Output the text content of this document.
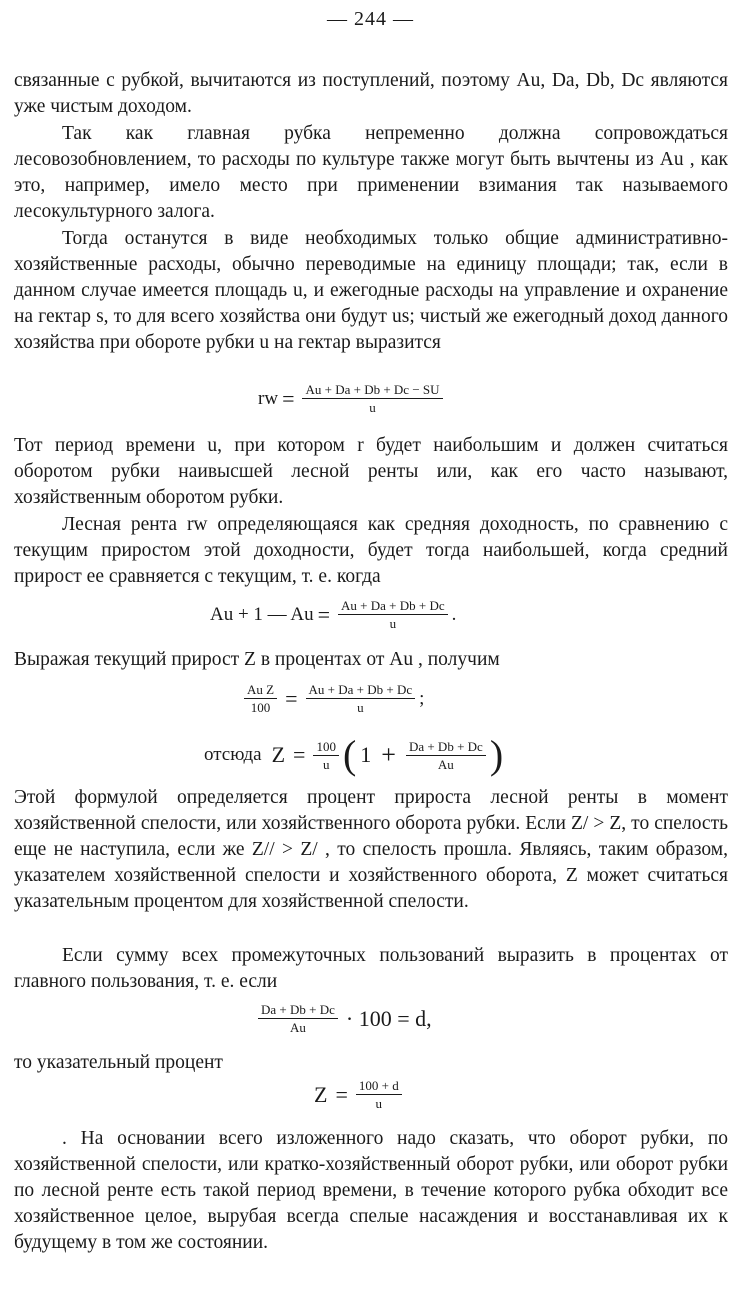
— 244 —
связанные с рубкой, вычитаются из поступлений, поэтому Au, Da, Db, Dc являются уже чистым доходом.
Так как главная рубка непременно должна сопровождаться лесовозобновлением, то расходы по культуре также могут быть вычтены из Au , как это, например, имело место при применении взимания так называемого лесокультурного залога.
Тогда останутся в виде необходимых только общие административно-хозяйственные расходы, обычно переводимые на единицу площади; так, если в данном случае имеется площадь u, и ежегодные расходы на управление и охранение на гектар s, то для всего хозяйства они будут us; чистый же ежегодный доход данного хозяйства при обороте рубки u на гектар выразится
rw = $\frac{Au + Da + Db + Dc - SU}{u}$
Тот период времени u, при котором r будет наибольшим и должен считаться оборотом рубки наивысшей лесной ренты или, как его часто называют, хозяйственным оборотом рубки.
Лесная рента rw определяющаяся как средняя доходность, по сравнению с текущим приростом этой доходности, будет тогда наибольшей, когда средний прирост ее сравняется с текущим, т. е. когда
Au + 1 — $Au = \frac{Au + Da + Db + Dc}{u}$ .
Выражая текущий прирост Z в процентах от Au , получим
$\frac{\text{Au Z}}{100} = \frac{Au + Da + Db + Dc}{u}$ ;
отсюда $Z = \frac{100}{u}$ ( $1 + \frac{Da + Db + Dc}{Au}$ )
Этой формулой определяется процент прироста лесной ренты в момент хозяйственной спелости, или хозяйственного оборота рубки. Если Z/ > Z, то спелость еще не наступила, если же Z// > Z/ , то спелость прошла. Являясь, таким образом, указателем хозяйственной спелости и хозяйственного оборота, Z может считаться указательным процентом для хозяйственной спелости.
Если сумму всех промежуточных пользований выразить в процентах от главного пользования, т. е. если
$\frac{Da + Db + Dc}{Au} \cdot 100 = d$,
то указательный процент
$Z = \frac{100 + d}{u}$
. На основании всего изложенного надо сказать, что оборот рубки, по хозяйственной спелости, или кратко-хозяйственный оборот рубки, или оборот рубки по лесной ренте есть такой период времени, в течение которого рубка обходит все хозяйственное целое, вырубая всегда спелые насаждения и восстанавливая их к будущему в том же состоянии.
